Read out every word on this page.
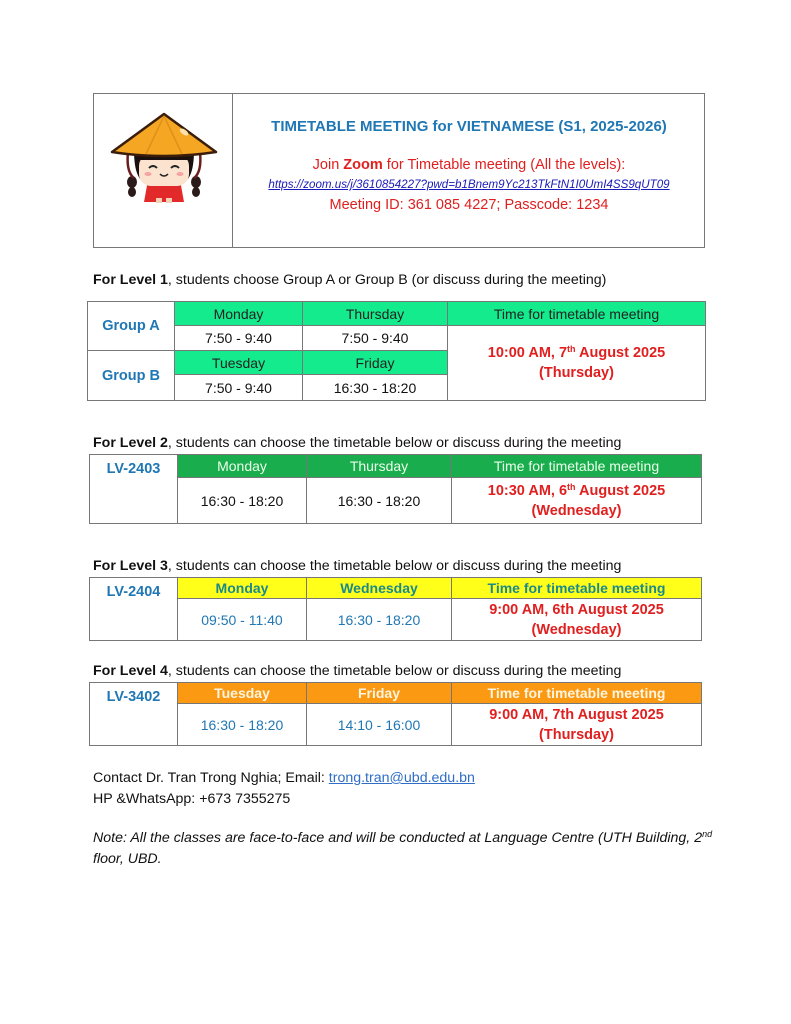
TIMETABLE MEETING for VIETNAMESE (S1, 2025-2026)
Join Zoom for Timetable meeting (All the levels):
https://zoom.us/j/3610854227?pwd=b1Bnem9Yc213TkFtN1I0UmI4SS9qUT09
Meeting ID: 361 085 4227; Passcode: 1234
For Level 1, students choose Group A or Group B (or discuss during the meeting)
Group A	Monday	Thursday	Time for timetable meeting
	7:50 - 9:40	7:50 - 9:40	10:00 AM, 7th August 2025
(Thursday)
Group B	Tuesday	Friday	
	7:50 - 9:40	16:30 - 18:20	
For Level 2, students can choose the timetable below or discuss during the meeting
LV-2403	Monday	Thursday	Time for timetable meeting
	16:30 - 18:20	16:30 - 18:20	10:30 AM, 6th August 2025
(Wednesday)
For Level 3, students can choose the timetable below or discuss during the meeting
LV-2404	Monday	Wednesday	Time for timetable meeting
	09:50 - 11:40	16:30 - 18:20	9:00 AM, 6th August 2025
(Wednesday)
For Level 4, students can choose the timetable below or discuss during the meeting
LV-3402	Tuesday	Friday	Time for timetable meeting
	16:30 - 18:20	14:10 - 16:00	9:00 AM, 7th August 2025
(Thursday)
Contact Dr. Tran Trong Nghia; Email: trong.tran@ubd.edu.bn
HP &WhatsApp: +673 7355275
Note: All the classes are face-to-face and will be conducted at Language Centre (UTH Building, 2nd floor, UBD.
